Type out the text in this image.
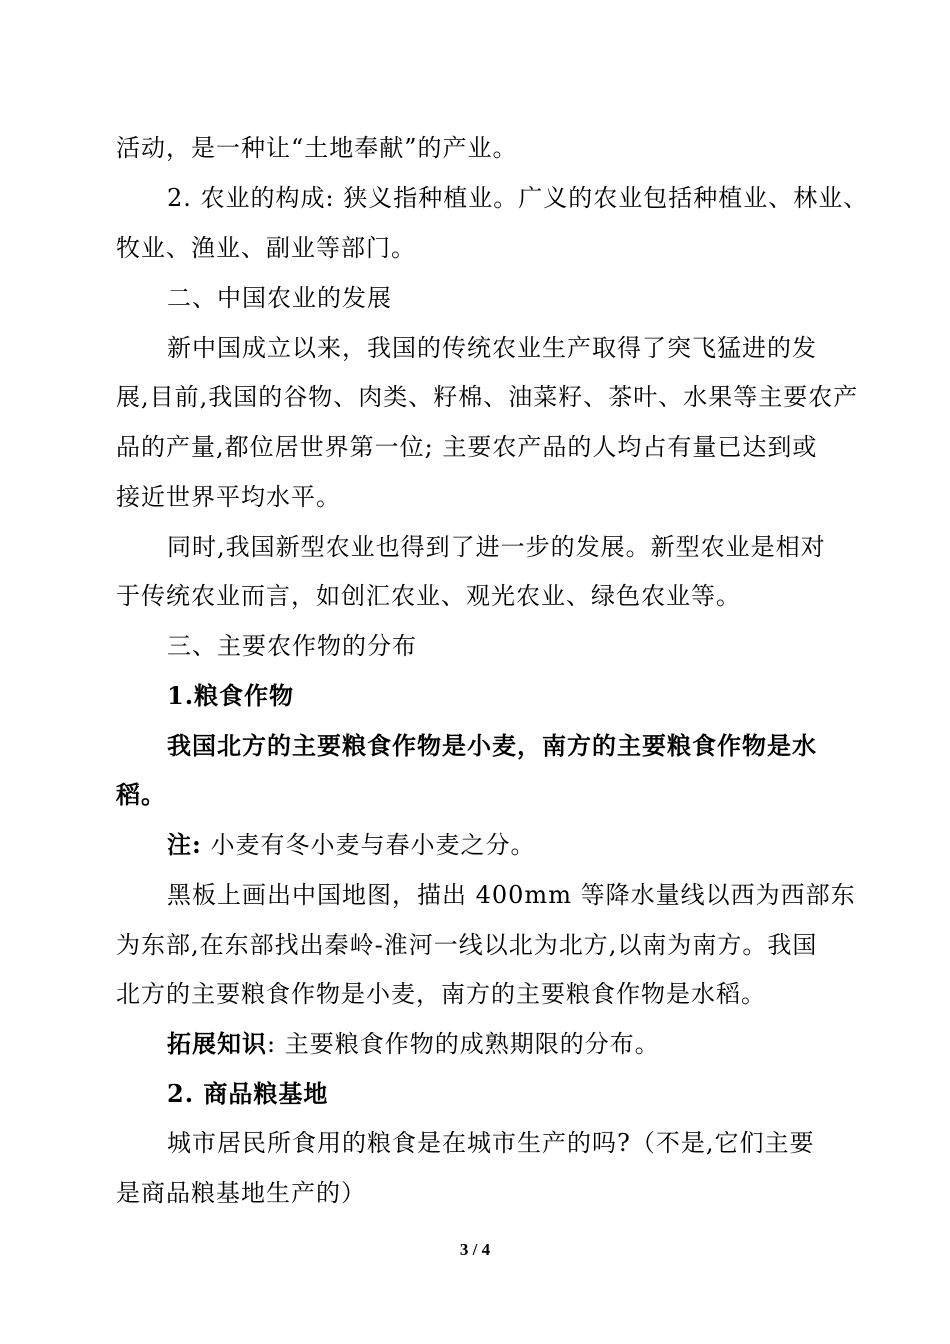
活动，是一种让“土地奉献”的产业。
2. 农业的构成: 狭义指种植业。广义的农业包括种植业、林业、
牧业、渔业、副业等部门。
二、中国农业的发展
新中国成立以来，我国的传统农业生产取得了突飞猛进的发
展,目前,我国的谷物、肉类、籽棉、油菜籽、茶叶、水果等主要农产
品的产量,都位居世界第一位; 主要农产品的人均占有量已达到或
接近世界平均水平。
同时,我国新型农业也得到了进一步的发展。新型农业是相对
于传统农业而言，如创汇农业、观光农业、绿色农业等。
三、主要农作物的分布
1.粮食作物
我国北方的主要粮食作物是小麦，南方的主要粮食作物是水
稻。
注: 小麦有冬小麦与春小麦之分。
黑板上画出中国地图，描出 400mm 等降水量线以西为西部东
为东部,在东部找出秦岭-淮河一线以北为北方,以南为南方。我国
北方的主要粮食作物是小麦，南方的主要粮食作物是水稻。
拓展知识: 主要粮食作物的成熟期限的分布。
2. 商品粮基地
城市居民所食用的粮食是在城市生产的吗?（不是,它们主要
是商品粮基地生产的）
3 / 4
